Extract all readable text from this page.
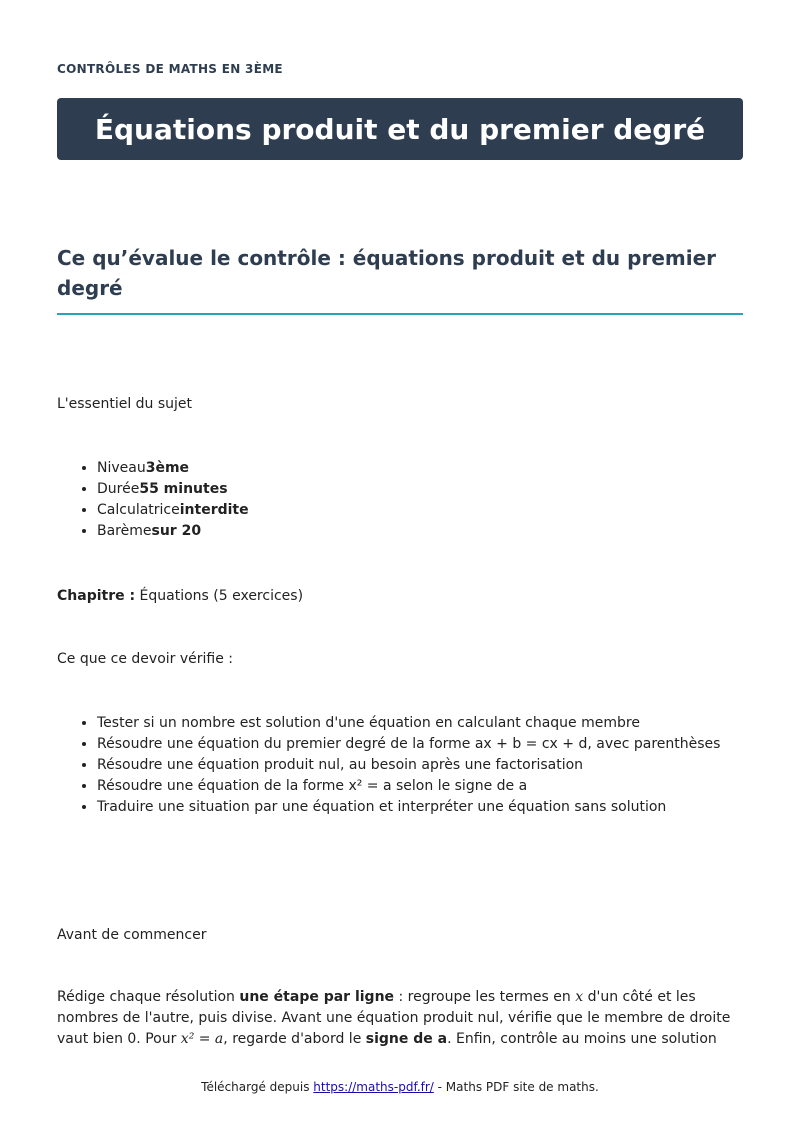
CONTRÔLES DE MATHS EN 3ÈME
Équations produit et du premier degré
Ce qu’évalue le contrôle : équations produit et du premier degré
L'essentiel du sujet
• Niveau3ème
• Durée55 minutes
• Calculatriceinterdite
• Barèmesur 20
Chapitre : Équations (5 exercices)
Ce que ce devoir vérifie :
• Tester si un nombre est solution d'une équation en calculant chaque membre
• Résoudre une équation du premier degré de la forme ax + b = cx + d, avec parenthèses
• Résoudre une équation produit nul, au besoin après une factorisation
• Résoudre une équation de la forme x² = a selon le signe de a
• Traduire une situation par une équation et interpréter une équation sans solution
Avant de commencer
Rédige chaque résolution une étape par ligne : regroupe les termes en x d'un côté et les nombres de l'autre, puis divise. Avant une équation produit nul, vérifie que le membre de droite vaut bien 0. Pour x² = a, regarde d'abord le signe de a. Enfin, contrôle au moins une solution
Téléchargé depuis https://maths-pdf.fr/ - Maths PDF site de maths.
